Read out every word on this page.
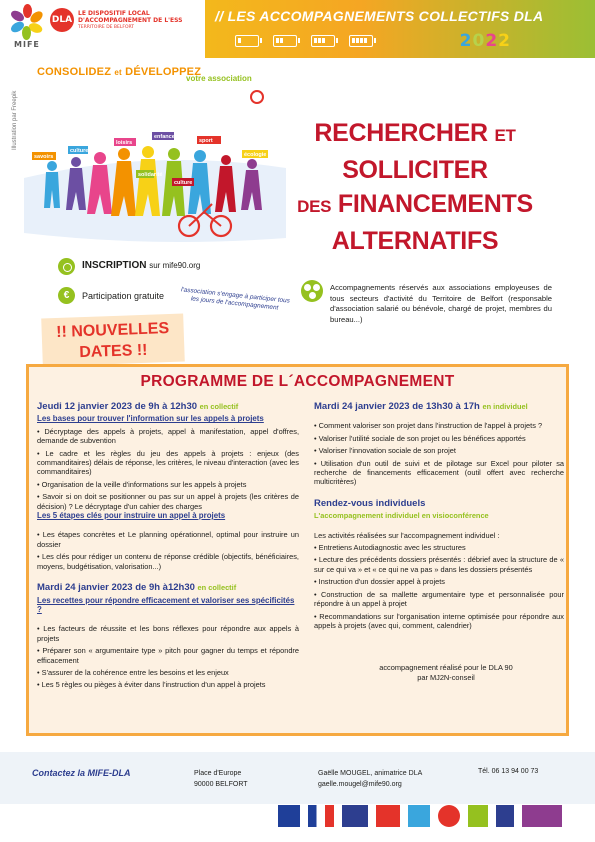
MIFE
DLA
LE DISPOSITIF LOCAL D'ACCOMPAGNEMENT DE L'ESS
TERRITOIRE DE BELFORT
// LES ACCOMPAGNEMENTS COLLECTIFS DLA
2022
CONSOLIDEZ et DÉVELOPPEZ
votre association
Illustration par Freepik
savoirs
culture
loisirs
enfance
sport
solidarité
écologie
culture
INSCRIPTION sur mife90.org
€	Participation gratuite	l'association s'engage à participer tous les jours de l'accompagnement
RECHERCHER ET
SOLLICITER
DES FINANCEMENTS
ALTERNATIFS
Accompagnements réservés aux associations employeuses de tous secteurs d'activité du Territoire de Belfort (responsable d'association salarié ou bénévole, chargé de projet, membres du bureau...)
!! NOUVELLES
DATES !!
PROGRAMME DE L´ACCOMPAGNEMENT
Jeudi 12 janvier 2023 de 9h à 12h30 en collectif
Les bases pour trouver l'information sur les appels à projets
• Décryptage des appels à projets, appel à manifestation, appel d'offres, demande de subvention
• Le cadre et les règles du jeu des appels à projets : enjeux (des commanditaires) délais de réponse, les critères, le niveau d'interaction (avec les commanditaires)
• Organisation de la veille d'informations sur les appels à projets
• Savoir si on doit se positionner ou pas sur un appel à projets (les critères de décision) ? Le décryptage d'un cahier des charges
Les 5 étapes clés pour instruire un appel à projets
• Les étapes concrètes et Le planning opérationnel, optimal pour instruire un dossier
• Les clés pour rédiger un contenu de réponse crédible (objectifs, bénéficiaires, moyens, budgétisation, valorisation...)
Mardi 24 janvier 2023 de 9h à12h30 en collectif
Les recettes pour répondre efficacement et valoriser ses spécificités ?
• Les facteurs de réussite et les bons réflexes pour répondre aux appels à projets
• Préparer son « argumentaire type » pitch pour gagner du temps et répondre efficacement
• S'assurer de la cohérence entre les besoins et les enjeux
• Les 5 règles ou pièges à éviter dans l'instruction d'un appel à projets
Mardi 24 janvier 2023 de 13h30 à 17h en individuel
• Comment valoriser son projet dans l'instruction de l'appel à projets ?
• Valoriser l'utilité sociale de son projet ou les bénéfices apportés
• Valoriser l'innovation sociale de son projet
• Utilisation d'un outil de suivi et de pilotage sur Excel pour piloter sa recherche de financements efficacement (outil offert avec recherche multicritères)
Rendez-vous individuels
L'accompagnement individuel en visioconférence
Les activités réalisées sur l'accompagnement individuel :
• Entretiens Autodiagnostic avec les structures
• Lecture des précédents dossiers présentés : débrief avec la structure de « sur ce qui va » et « ce qui ne va pas » dans les dossiers présentés
• Instruction d'un dossier appel à projets
• Construction de sa mallette argumentaire type et personnalisée pour répondre à un appel à projet
• Recommandations sur l'organisation interne optimisée pour répondre aux appels à projets (avec qui, comment, calendrier)
accompagnement réalisé pour le DLA 90
par MJ2N-conseil
Contactez la MIFE-DLA	Place d'Europe
90000 BELFORT
Gaëlle MOUGEL, animatrice DLA
gaelle.mougel@mife90.org
Tél. 06 13 94 00 73
